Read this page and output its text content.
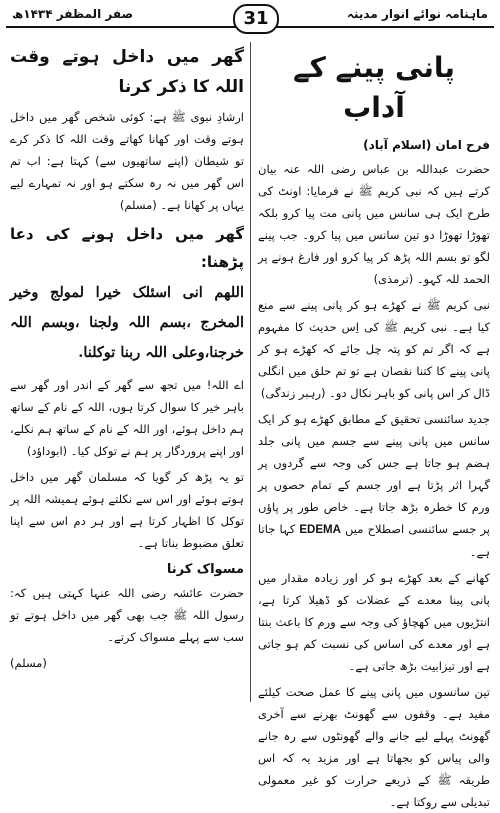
صفر المظفر ۱۴۳۴ھ	31	ماہنامہ نوائے انوار مدینہ
پانی پینے کے آداب
فرح امان (اسلام آباد)

حضرت عبداللہ بن عباس رضی اللہ عنہ بیان کرتے ہیں کہ نبی کریم ﷺ نے فرمایا: اونٹ کی طرح ایک ہی سانس میں پانی مت پیا کرو بلکہ تھوڑا تھوڑا دو تین سانس میں پیا کرو۔ جب پینے لگو تو بسم اللہ پڑھ کر پیا کرو اور فارغ ہونے پر الحمد للہ کہو۔ (ترمذی)

نبی کریم ﷺ نے کھڑے ہو کر پانی پینے سے منع کیا ہے۔ نبی کریم ﷺ کی اِس حدیث کا مفہوم ہے کہ اگر تم کو پتہ چل جائے کہ کھڑے ہو کر پانی پینے کا کتنا نقصان ہے تو تم حلق میں انگلی ڈال کر اس پانی کو باہر نکال دو۔ (رہبر زندگی)

جدید سائنسی تحقیق کے مطابق کھڑے ہو کر ایک سانس میں پانی پینے سے جسم میں پانی جلد ہضم ہو جاتا ہے جس کی وجہ سے گردوں پر گہرا اثر پڑتا ہے اور جسم کے تمام حصوں پر ورم کا خطرہ بڑھ جاتا ہے۔ خاص طور پر پاؤں پر جسے سائنسی اصطلاح میں EDEMA کہا جاتا ہے۔

کھانے کے بعد کھڑے ہو کر اور زیادہ مقدار میں پانی پینا معدے کے عضلات کو ڈھیلا کرتا ہے، انتڑیوں میں کھچاؤ کی وجہ سے ورم کا باعث بنتا ہے اور معدے کی اساس کی نسبت کم ہو جاتی ہے اور تیزابیت بڑھ جاتی ہے۔

تین سانسوں میں پانی پینے کا عمل صحت کیلئے مفید ہے۔ وقفوں سے گھونٹ بھرنے سے آخری گھونٹ پہلے لیے جانے والے گھونٹوں سے رہ جانے والی پیاس کو بجھاتا ہے اور مزید یہ کہ اس طریقہ ﷺ کے ذریعے حرارت کو غیر معمولی تبدیلی سے روکتا ہے۔

گھر میں داخل ہوتے وقت اللہ کا ذکر کرنا

ارشادِ نبوی ﷺ ہے: کوئی شخص گھر میں داخل ہوتے وقت اور کھانا کھاتے وقت اللہ کا ذکر کرے تو شیطان (اپنے ساتھیوں سے) کہتا ہے: اب تم اس گھر میں نہ رہ سکتے ہو اور نہ تمہارے لیے یہاں پر کھانا ہے۔ (مسلم)

گھر میں داخل ہونے کی دعا پڑھنا:
اللھم انی اسئلک خیرا لمولج وخیر المخرج ،بسم اللہ ولجنا ،وبسم اللہ خرجنا،وعلی اللہ ربنا توکلنا.

اے اللہ! میں تجھ سے گھر کے اندر اور گھر سے باہر خیر کا سوال کرتا ہوں، اللہ کے نام کے ساتھ ہم داخل ہوئے، اور اللہ کے نام کے ساتھ ہم نکلے، اور اپنے پروردگار پر ہم نے توکل کیا۔ (ابوداؤد)

تو یہ پڑھ کر گویا کہ مسلمان گھر میں داخل ہوتے ہوئے اور اس سے نکلتے ہوئے ہمیشہ اللہ پر توکل کا اظہار کرتا ہے اور ہر دم اس سے اپنا تعلق مضبوط بناتا ہے۔

مسواک کرنا

حضرت عائشہ رضی اللہ عنہا کہتی ہیں کہ: رسول اللہ ﷺ جب بھی گھر میں داخل ہوتے تو سب سے پہلے مسواک کرتے۔

(مسلم)
